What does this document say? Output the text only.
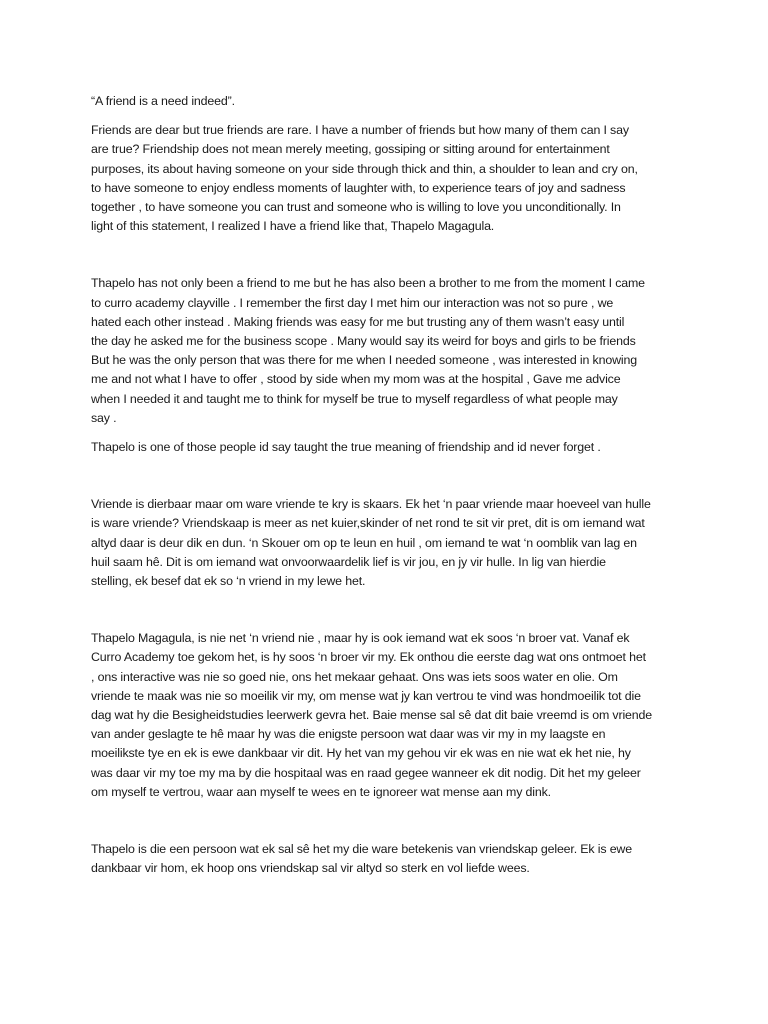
“A friend is a need indeed”.

Friends are dear but true friends are rare. I have a number of friends but how many of them can I say
are true? Friendship does not mean merely meeting, gossiping or sitting around for entertainment
purposes, its about having someone on your side through thick and thin, a shoulder to lean and cry on,
to have someone to enjoy endless moments of laughter with, to experience tears of joy and sadness
together , to have someone you can trust and someone who is willing to love you unconditionally. In
light of this statement, I realized I have a friend like that, Thapelo Magagula.

Thapelo has not only been a friend to me but he has also been a brother to me from the moment I came
to curro academy clayville . I remember the first day I met him our interaction was not so pure , we
hated each other instead . Making friends was easy for me but trusting any of them wasn’t easy until
the day he asked me for the business scope . Many would say its weird for boys and girls to be friends
But he was the only person that was there for me when I needed someone , was interested in knowing
me and not what I have to offer , stood by side when my mom was at the hospital , Gave me advice
when I needed it and taught me to think for myself be true to myself regardless of what people may
say .

Thapelo is one of those people id say taught the true meaning of friendship and id never forget .

Vriende is dierbaar maar om ware vriende te kry is skaars. Ek het ‘n paar vriende maar hoeveel van hulle
is ware vriende? Vriendskaap is meer as net kuier,skinder of net rond te sit vir pret, dit is om iemand wat
altyd daar is deur dik en dun. ‘n Skouer om op te leun en huil , om iemand te wat ‘n oomblik van lag en
huil saam hê. Dit is om iemand wat onvoorwaardelik lief is vir jou, en jy vir hulle. In lig van hierdie
stelling, ek besef dat ek so ‘n vriend in my lewe het.

Thapelo Magagula, is nie net ‘n vriend nie , maar hy is ook iemand wat ek soos ‘n broer vat. Vanaf ek
Curro Academy toe gekom het, is hy soos ‘n broer vir my. Ek onthou die eerste dag wat ons ontmoet het
, ons interactive was nie so goed nie, ons het mekaar gehaat. Ons was iets soos water en olie. Om
vriende te maak was nie so moeilik vir my, om mense wat jy kan vertrou te vind was hondmoeilik tot die
dag wat hy die Besigheidstudies leerwerk gevra het. Baie mense sal sê dat dit baie vreemd is om vriende
van ander geslagte te hê maar hy was die enigste persoon wat daar was vir my in my laagste en
moeilikste tye en ek is ewe dankbaar vir dit. Hy het van my gehou vir ek was en nie wat ek het nie, hy
was daar vir my toe my ma by die hospitaal was en raad gegee wanneer ek dit nodig. Dit het my geleer
om myself te vertrou, waar aan myself te wees en te ignoreer wat mense aan my dink.

Thapelo is die een persoon wat ek sal sê het my die ware betekenis van vriendskap geleer. Ek is ewe
dankbaar vir hom, ek hoop ons vriendskap sal vir altyd so sterk en vol liefde wees.
